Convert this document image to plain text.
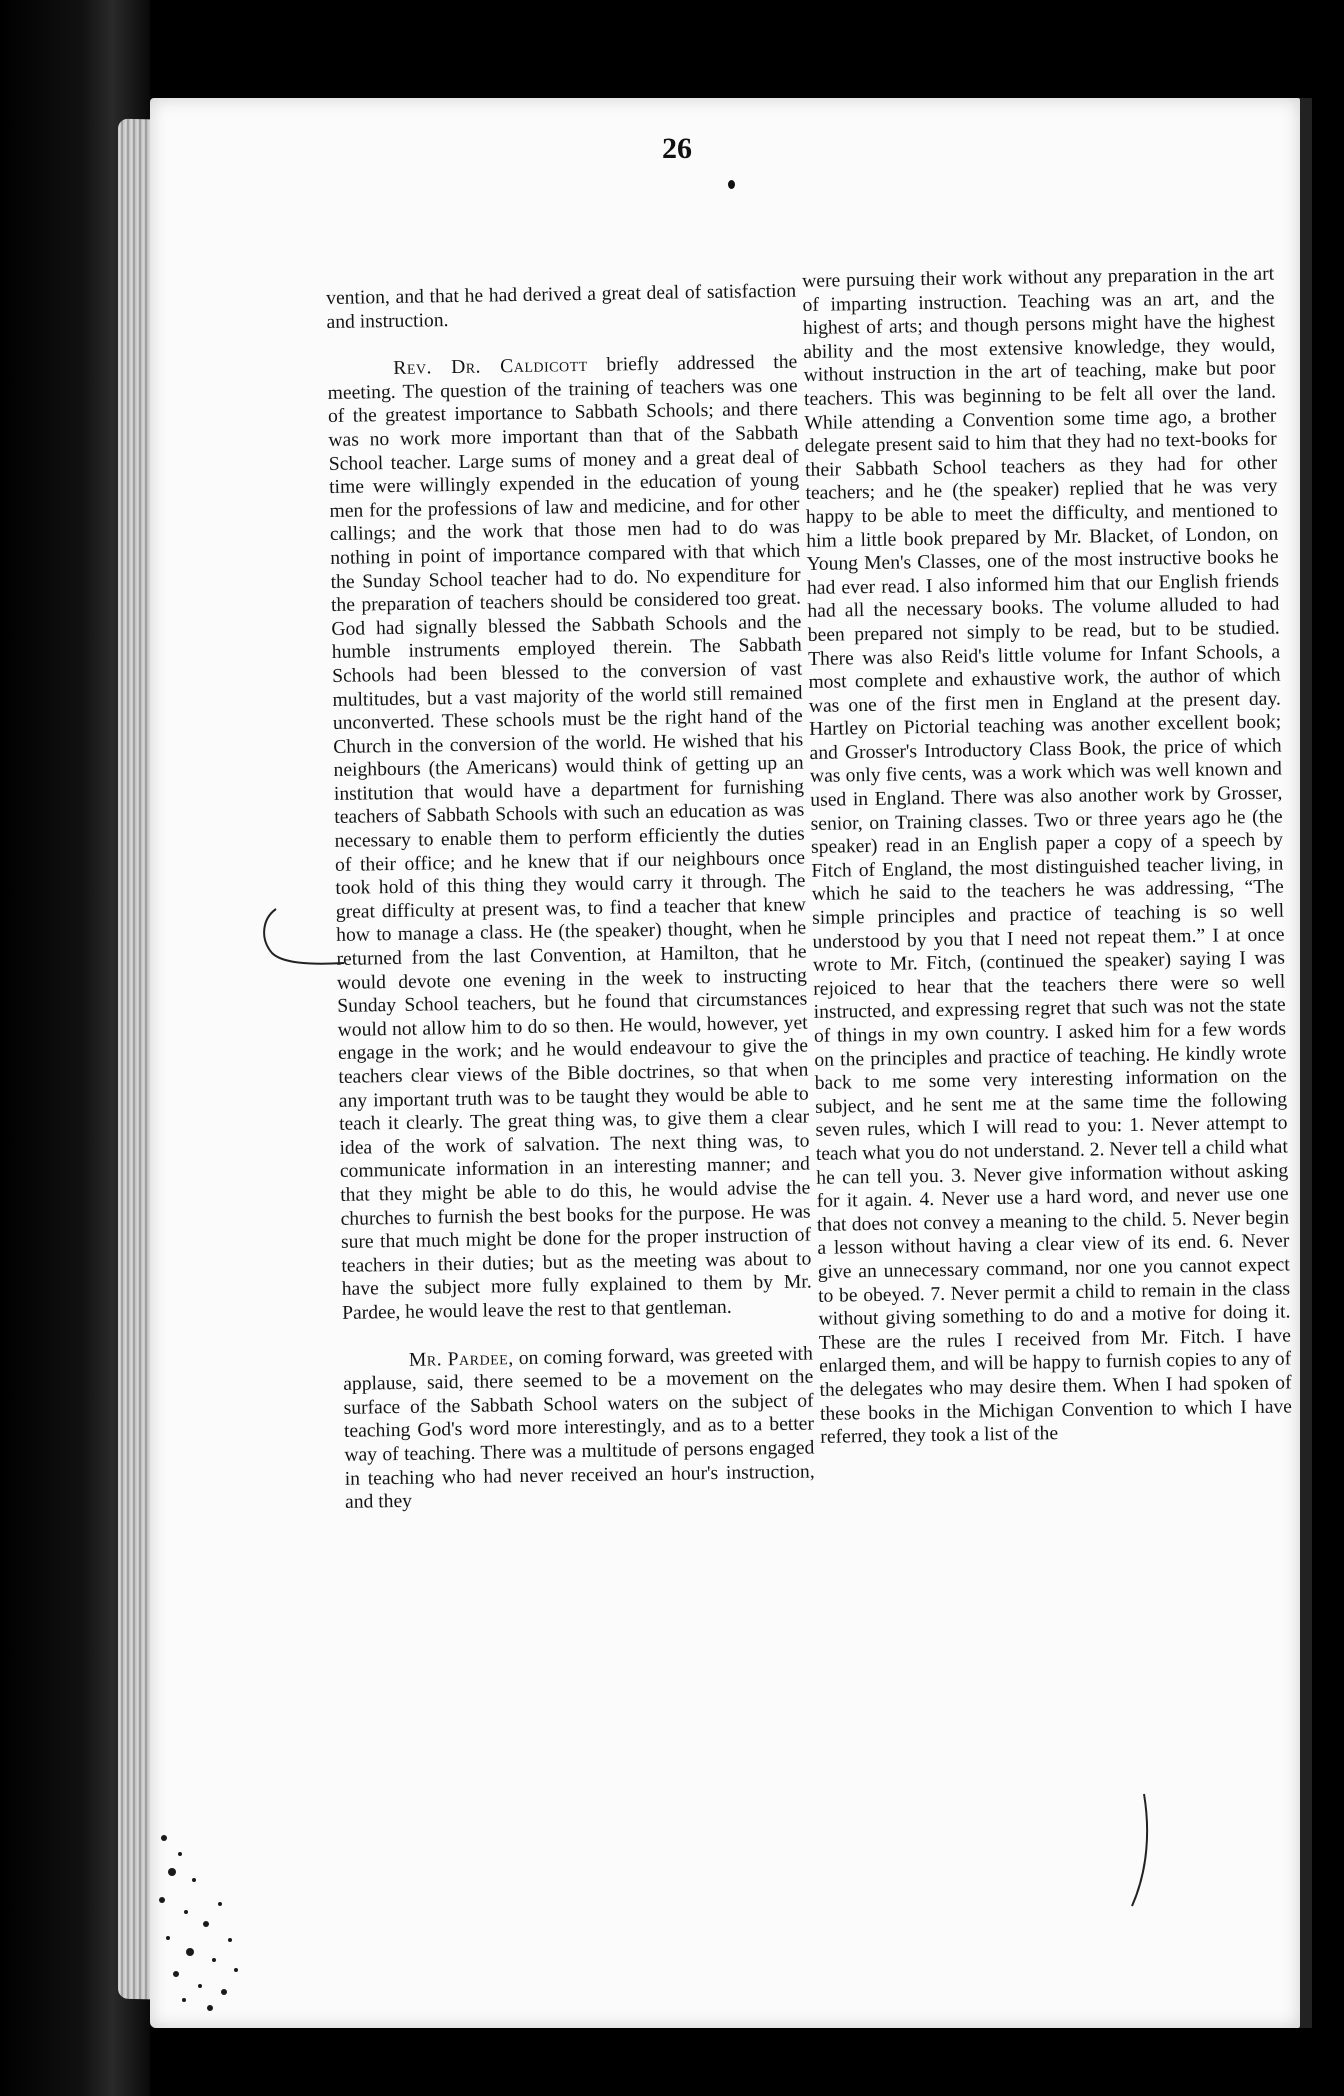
26

vention, and that he had derived a great deal of satisfaction and instruction.

Rev. Dr. Caldicott briefly addressed the meeting. The question of the training of teachers was one of the greatest importance to Sabbath Schools; and there was no work more important than that of the Sabbath School teacher. Large sums of money and a great deal of time were willingly expended in the education of young men for the professions of law and medicine, and for other callings; and the work that those men had to do was nothing in point of importance compared with that which the Sunday School teacher had to do. No expenditure for the preparation of teachers should be considered too great. God had signally blessed the Sabbath Schools and the humble instruments employed therein. The Sabbath Schools had been blessed to the conversion of vast multitudes, but a vast majority of the world still remained unconverted. These schools must be the right hand of the Church in the conversion of the world. He wished that his neighbours (the Americans) would think of getting up an institution that would have a department for furnishing teachers of Sabbath Schools with such an education as was necessary to enable them to perform efficiently the duties of their office; and he knew that if our neighbours once took hold of this thing they would carry it through. The great difficulty at present was, to find a teacher that knew how to manage a class. He (the speaker) thought, when he returned from the last Convention, at Hamilton, that he would devote one evening in the week to instructing Sunday School teachers, but he found that circumstances would not allow him to do so then. He would, however, yet engage in the work; and he would endeavour to give the teachers clear views of the Bible doctrines, so that when any important truth was to be taught they would be able to teach it clearly. The great thing was, to give them a clear idea of the work of salvation. The next thing was, to communicate information in an interesting manner; and that they might be able to do this, he would advise the churches to furnish the best books for the purpose. He was sure that much might be done for the proper instruction of teachers in their duties; but as the meeting was about to have the subject more fully explained to them by Mr. Pardee, he would leave the rest to that gentleman.

Mr. Pardee, on coming forward, was greeted with applause, said, there seemed to be a movement on the surface of the Sabbath School waters on the subject of teaching God's word more interestingly, and as to a better way of teaching. There was a multitude of persons engaged in teaching who had never received an hour's instruction, and they

were pursuing their work without any preparation in the art of imparting instruction. Teaching was an art, and the highest of arts; and though persons might have the highest ability and the most extensive knowledge, they would, without instruction in the art of teaching, make but poor teachers. This was beginning to be felt all over the land. While attending a Convention some time ago, a brother delegate present said to him that they had no text-books for their Sabbath School teachers as they had for other teachers; and he (the speaker) replied that he was very happy to be able to meet the difficulty, and mentioned to him a little book prepared by Mr. Blacket, of London, on Young Men's Classes, one of the most instructive books he had ever read. I also informed him that our English friends had all the necessary books. The volume alluded to had been prepared not simply to be read, but to be studied. There was also Reid's little volume for Infant Schools, a most complete and exhaustive work, the author of which was one of the first men in England at the present day. Hartley on Pictorial teaching was another excellent book; and Grosser's Introductory Class Book, the price of which was only five cents, was a work which was well known and used in England. There was also another work by Grosser, senior, on Training classes. Two or three years ago he (the speaker) read in an English paper a copy of a speech by Fitch of England, the most distinguished teacher living, in which he said to the teachers he was addressing, “The simple principles and practice of teaching is so well understood by you that I need not repeat them.” I at once wrote to Mr. Fitch, (continued the speaker) saying I was rejoiced to hear that the teachers there were so well instructed, and expressing regret that such was not the state of things in my own country. I asked him for a few words on the principles and practice of teaching. He kindly wrote back to me some very interesting information on the subject, and he sent me at the same time the following seven rules, which I will read to you: 1. Never attempt to teach what you do not understand. 2. Never tell a child what he can tell you. 3. Never give information without asking for it again. 4. Never use a hard word, and never use one that does not convey a meaning to the child. 5. Never begin a lesson without having a clear view of its end. 6. Never give an unnecessary command, nor one you cannot expect to be obeyed. 7. Never permit a child to remain in the class without giving something to do and a motive for doing it. These are the rules I received from Mr. Fitch. I have enlarged them, and will be happy to furnish copies to any of the delegates who may desire them. When I had spoken of these books in the Michigan Convention to which I have referred, they took a list of the
